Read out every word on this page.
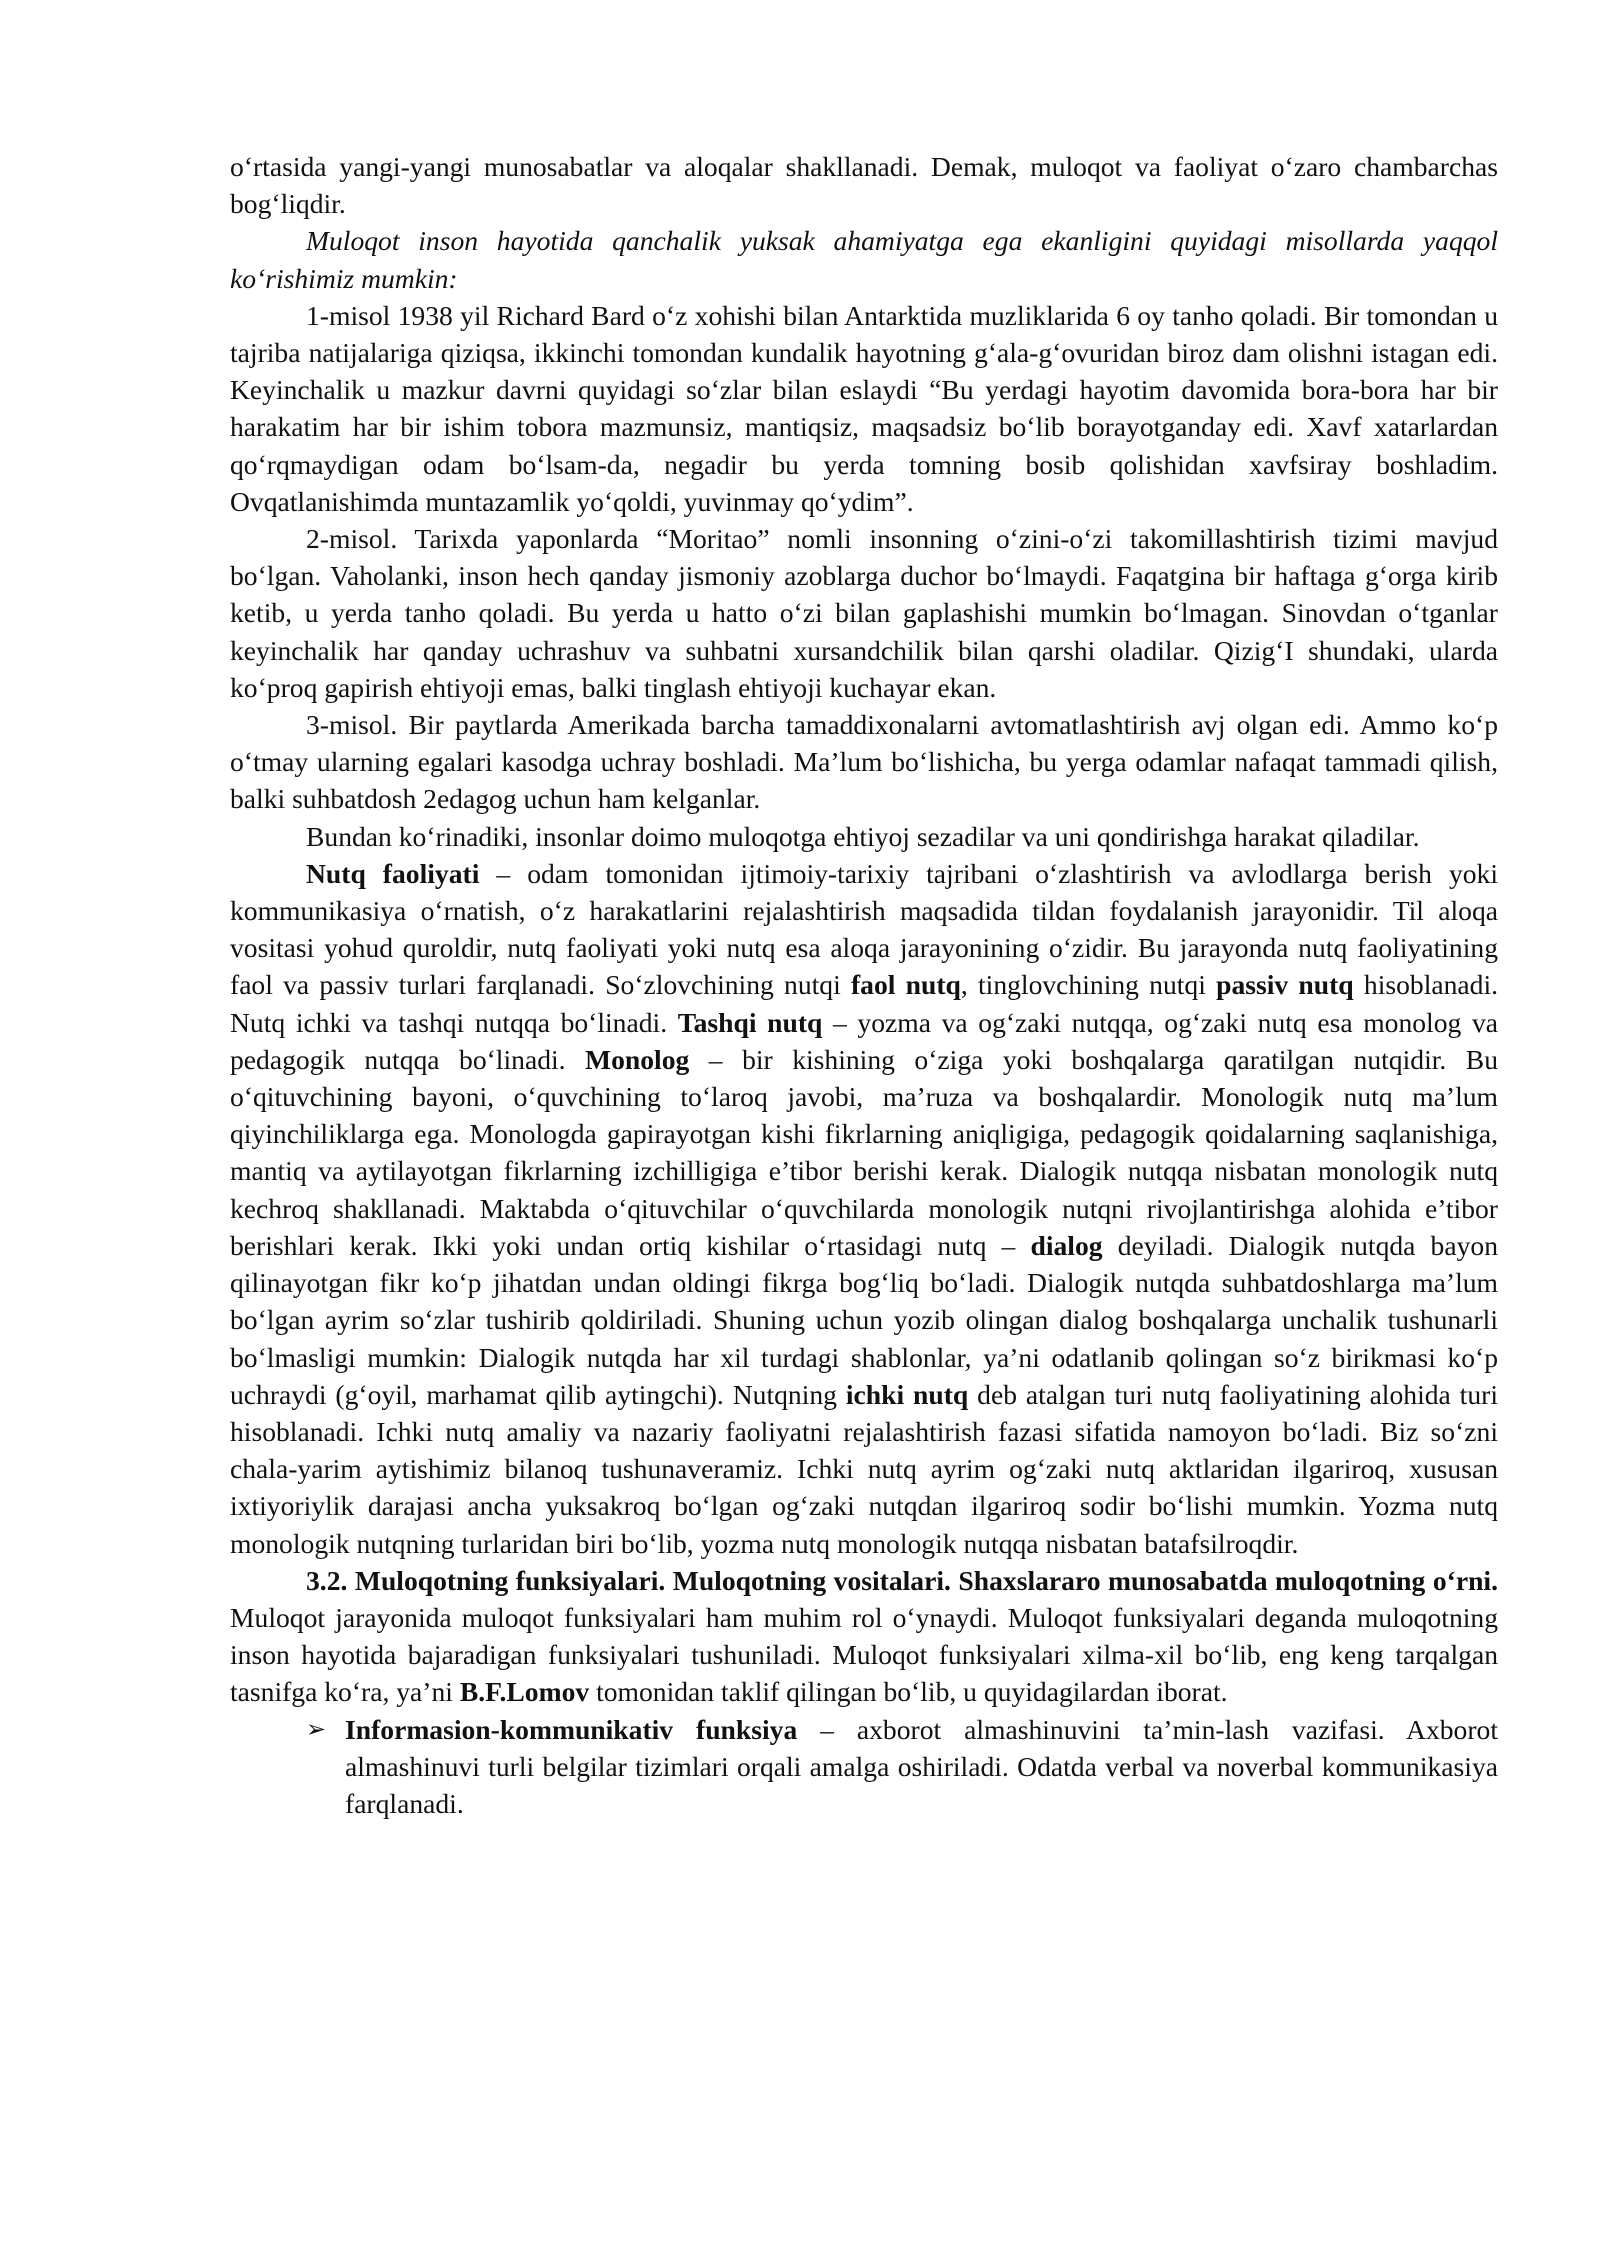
o‘rtasida yangi-yangi munosabatlar va aloqalar shakllanadi. Demak, muloqot va faoliyat o‘zaro chambarchas bog‘liqdir.

Muloqot inson hayotida qanchalik yuksak ahamiyatga ega ekanligini quyidagi misollarda yaqqol ko‘rishimiz mumkin:

1-misol 1938 yil Richard Bard o‘z xohishi bilan Antarktida muzliklarida 6 oy tanho qoladi. Bir tomondan u tajriba natijalariga qiziqsa, ikkinchi tomondan kundalik hayotning g‘ala-g‘ovuridan biroz dam olishni istagan edi. Keyinchalik u mazkur davrni quyidagi so‘zlar bilan eslaydi “Bu yerdagi hayotim davomida bora-bora har bir harakatim har bir ishim tobora mazmunsiz, mantiqsiz, maqsadsiz bo‘lib borayotganday edi. Xavf xatarlardan qo‘rqmaydigan odam bo‘lsam-da, negadir bu yerda tomning bosib qolishidan xavfsiray boshladim. Ovqatlanishimda muntazamlik yo‘qoldi, yuvinmay qo‘ydim”.

2-misol. Tarixda yaponlarda “Moritao” nomli insonning o‘zini-o‘zi takomillashtirish tizimi mavjud bo‘lgan. Vaholanki, inson hech qanday jismoniy azoblarga duchor bo‘lmaydi. Faqatgina bir haftaga g‘orga kirib ketib, u yerda tanho qoladi. Bu yerda u hatto o‘zi bilan gaplashishi mumkin bo‘lmagan. Sinovdan o‘tganlar keyinchalik har qanday uchrashuv va suhbatni xursandchilik bilan qarshi oladilar. Qizig‘I shundaki, ularda ko‘proq gapirish ehtiyoji emas, balki tinglash ehtiyoji kuchayar ekan.

3-misol. Bir paytlarda Amerikada barcha tamaddixonalarni avtomatlashtirish avj olgan edi. Ammo ko‘p o‘tmay ularning egalari kasodga uchray boshladi. Ma’lum bo‘lishicha, bu yerga odamlar nafaqat tammadi qilish, balki suhbatdosh 2edagog uchun ham kelganlar.

Bundan ko‘rinadiki, insonlar doimo muloqotga ehtiyoj sezadilar va uni qondirishga harakat qiladilar.

Nutq faoliyati – odam tomonidan ijtimoiy-tarixiy tajribani o‘zlashtirish va avlodlarga berish yoki kommunikasiya o‘rnatish, o‘z harakatlarini rejalashtirish maqsadida tildan foydalanish jarayonidir. Til aloqa vositasi yohud quroldir, nutq faoliyati yoki nutq esa aloqa jarayonining o‘zidir. Bu jarayonda nutq faoliyatining faol va passiv turlari farqlanadi. So‘zlovchining nutqi faol nutq, tinglovchining nutqi passiv nutq hisoblanadi. Nutq ichki va tashqi nutqqa bo‘linadi. Tashqi nutq – yozma va og‘zaki nutqqa, og‘zaki nutq esa monolog va pedagogik nutqqa bo‘linadi. Monolog – bir kishining o‘ziga yoki boshqalarga qaratilgan nutqidir. Bu o‘qituvchining bayoni, o‘quvchining to‘laroq javobi, ma’ruza va boshqalardir. Monologik nutq ma’lum qiyinchiliklarga ega. Monologda gapirayotgan kishi fikrlarning aniqligiga, pedagogik qoidalarning saqlanishiga, mantiq va aytilayotgan fikrlarning izchilligiga e’tibor berishi kerak. Dialogik nutqqa nisbatan monologik nutq kechroq shakllanadi. Maktabda o‘qituvchilar o‘quvchilarda monologik nutqni rivojlantirishga alohida e’tibor berishlari kerak. Ikki yoki undan ortiq kishilar o‘rtasidagi nutq – dialog deyiladi. Dialogik nutqda bayon qilinayotgan fikr ko‘p jihatdan undan oldingi fikrga bog‘liq bo‘ladi. Dialogik nutqda suhbatdoshlarga ma’lum bo‘lgan ayrim so‘zlar tushirib qoldiriladi. Shuning uchun yozib olingan dialog boshqalarga unchalik tushunarli bo‘lmasligi mumkin: Dialogik nutqda har xil turdagi shablonlar, ya’ni odatlanib qolingan so‘z birikmasi ko‘p uchraydi (g‘oyil, marhamat qilib aytingchi). Nutqning ichki nutq deb atalgan turi nutq faoliyatining alohida turi hisoblanadi. Ichki nutq amaliy va nazariy faoliyatni rejalashtirish fazasi sifatida namoyon bo‘ladi. Biz so‘zni chala-yarim aytishimiz bilanoq tushunaveramiz. Ichki nutq ayrim og‘zaki nutq aktlaridan ilgariroq, xususan ixtiyoriylik darajasi ancha yuksakroq bo‘lgan og‘zaki nutqdan ilgariroq sodir bo‘lishi mumkin. Yozma nutq monologik nutqning turlaridan biri bo‘lib, yozma nutq monologik nutqqa nisbatan batafsilroqdir.

3.2. Muloqotning funksiyalari. Muloqotning vositalari. Shaxslararo munosabatda muloqotning o‘rni. Muloqot jarayonida muloqot funksiyalari ham muhim rol o‘ynaydi. Muloqot funksiyalari deganda muloqotning inson hayotida bajaradigan funksiyalari tushuniladi. Muloqot funksiyalari xilma-xil bo‘lib, eng keng tarqalgan tasnifga ko‘ra, ya’ni B.F.Lomov tomonidan taklif qilingan bo‘lib, u quyidagilardan iborat.

➢ Informasion-kommunikativ funksiya – axborot almashinuvini ta’min-lash vazifasi. Axborot almashinuvi turli belgilar tizimlari orqali amalga oshiriladi. Odatda verbal va noverbal kommunikasiya farqlanadi.
